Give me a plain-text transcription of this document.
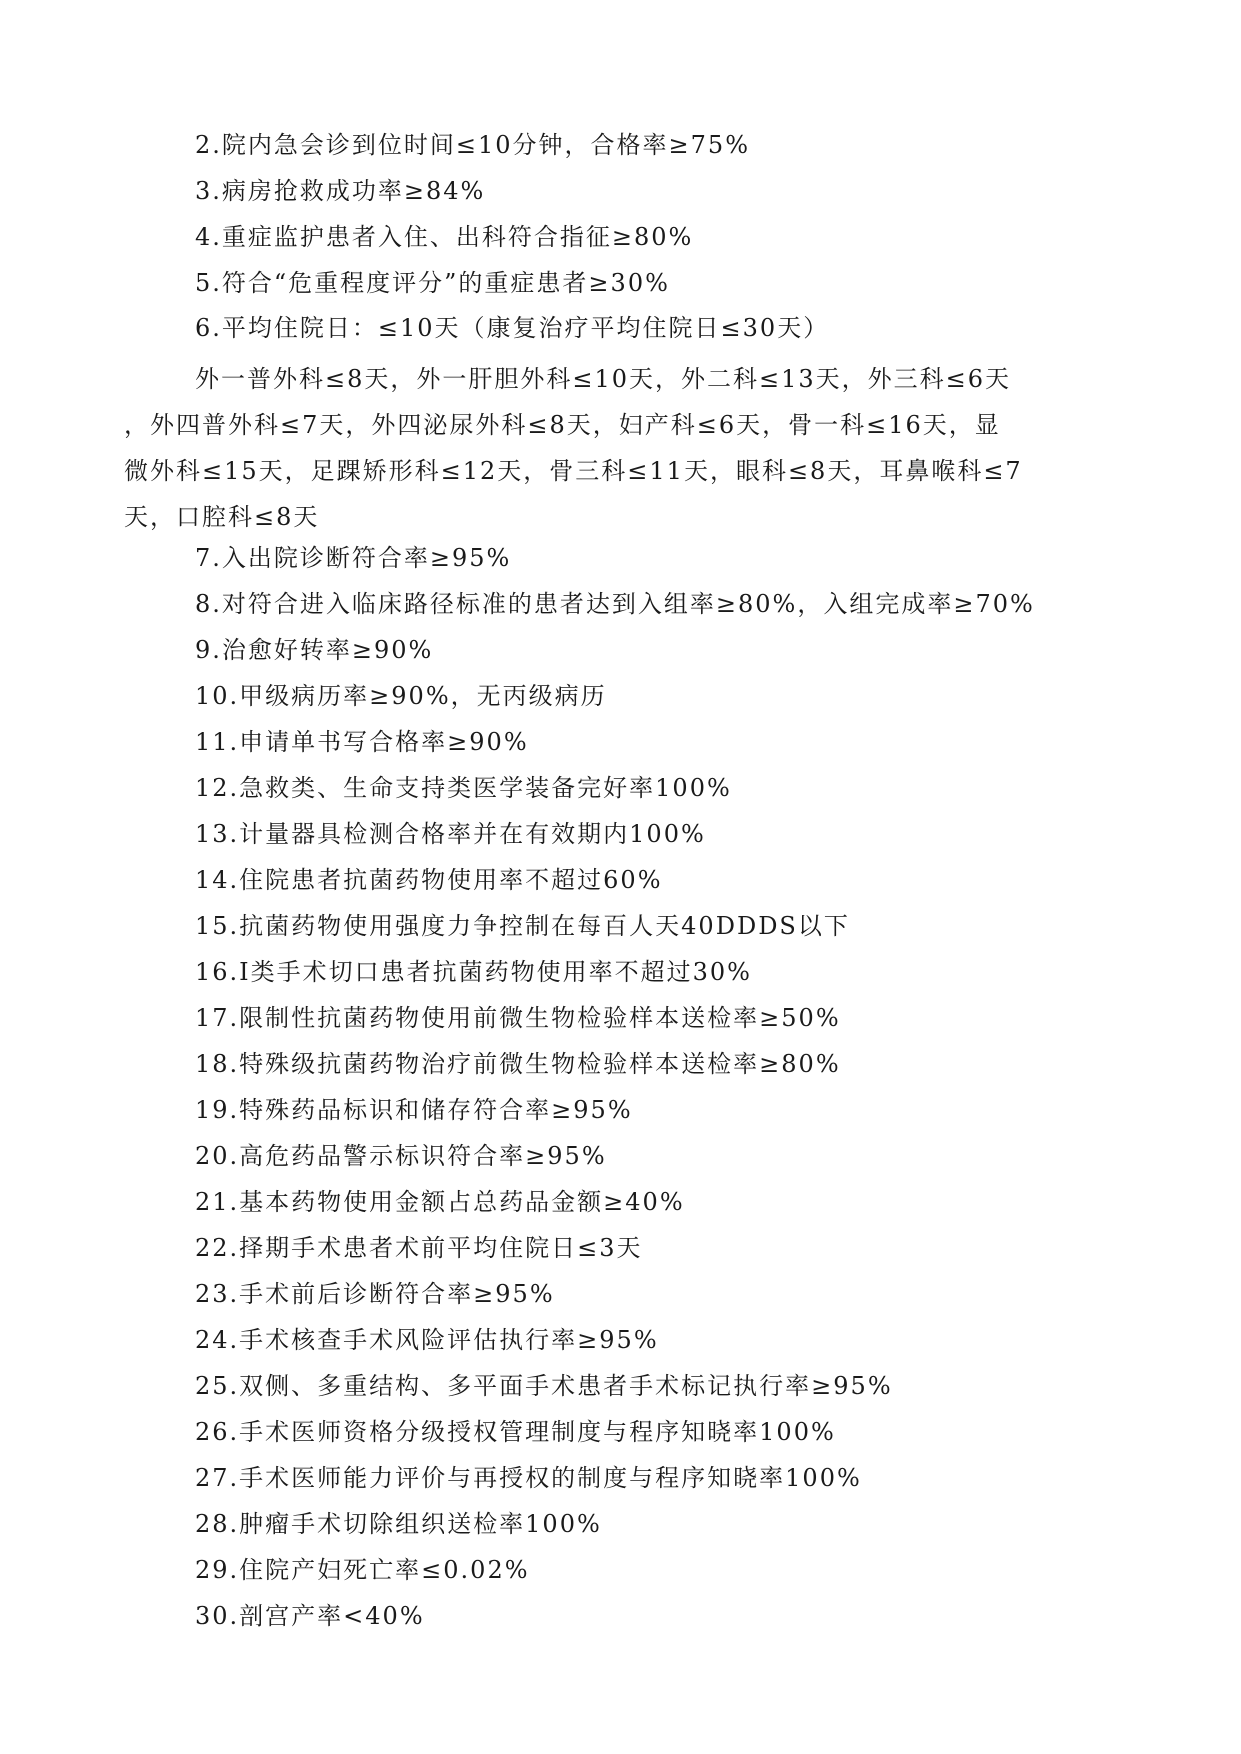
2.院内急会诊到位时间≤10分钟，合格率≥75%
3.病房抢救成功率≥84%
4.重症监护患者入住、出科符合指征≥80%
5.符合“危重程度评分”的重症患者≥30%
6.平均住院日：≤10天（康复治疗平均住院日≤30天）
外一普外科≤8天，外一肝胆外科≤10天，外二科≤13天，外三科≤6天
，外四普外科≤7天，外四泌尿外科≤8天，妇产科≤6天，骨一科≤16天，显
微外科≤15天，足踝矫形科≤12天，骨三科≤11天，眼科≤8天，耳鼻喉科≤7
天，口腔科≤8天
7.入出院诊断符合率≥95%
8.对符合进入临床路径标准的患者达到入组率≥80%，入组完成率≥70%
9.治愈好转率≥90%
10.甲级病历率≥90%，无丙级病历
11.申请单书写合格率≥90%
12.急救类、生命支持类医学装备完好率100%
13.计量器具检测合格率并在有效期内100%
14.住院患者抗菌药物使用率不超过60%
15.抗菌药物使用强度力争控制在每百人天40DDDS以下
16.I类手术切口患者抗菌药物使用率不超过30%
17.限制性抗菌药物使用前微生物检验样本送检率≥50%
18.特殊级抗菌药物治疗前微生物检验样本送检率≥80%
19.特殊药品标识和储存符合率≥95%
20.高危药品警示标识符合率≥95%
21.基本药物使用金额占总药品金额≥40%
22.择期手术患者术前平均住院日≤3天
23.手术前后诊断符合率≥95%
24.手术核查手术风险评估执行率≥95%
25.双侧、多重结构、多平面手术患者手术标记执行率≥95%
26.手术医师资格分级授权管理制度与程序知晓率100%
27.手术医师能力评价与再授权的制度与程序知晓率100%
28.肿瘤手术切除组织送检率100%
29.住院产妇死亡率≤0.02%
30.剖宫产率<40%
